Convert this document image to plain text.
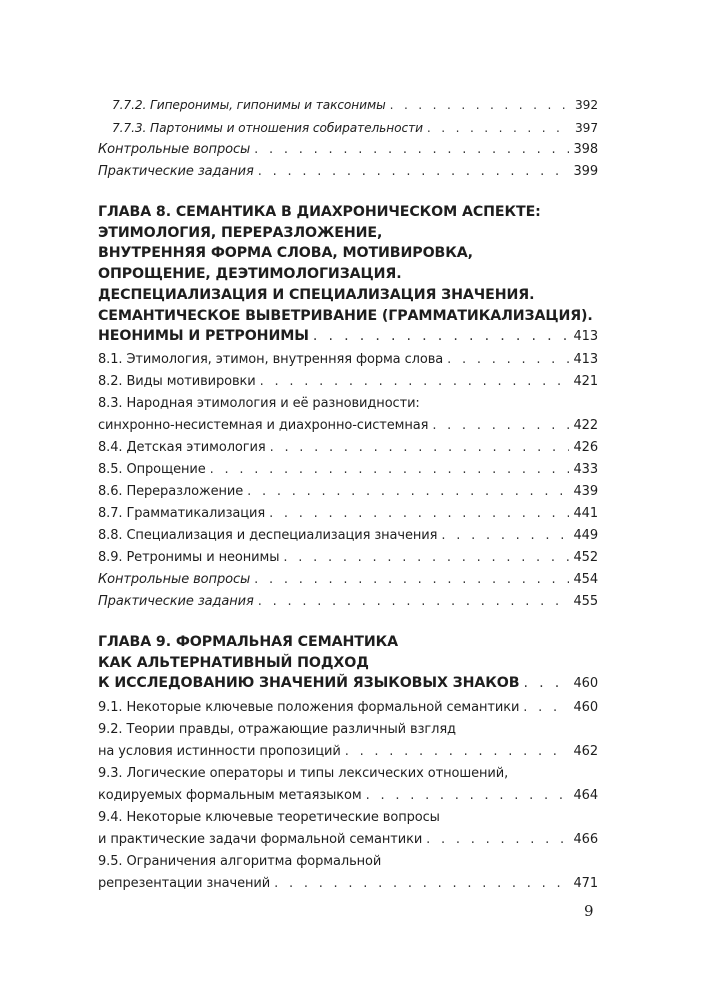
7.7.2. Гиперонимы, гипонимы и таксонимы . . .	392
7.7.3. Партонимы и отношения собирательности . . .	397
Контрольные вопросы . . .	398
Практические задания . . .	399
ГЛАВА 8. СЕМАНТИКА В ДИАХРОНИЧЕСКОМ АСПЕКТЕ:
ЭТИМОЛОГИЯ, ПЕРЕРАЗЛОЖЕНИЕ,
ВНУТРЕННЯЯ ФОРМА СЛОВА, МОТИВИРОВКА,
ОПРОЩЕНИЕ, ДЕЭТИМОЛОГИЗАЦИЯ.
ДЕСПЕЦИАЛИЗАЦИЯ И СПЕЦИАЛИЗАЦИЯ ЗНАЧЕНИЯ.
СЕМАНТИЧЕСКОЕ ВЫВЕТРИВАНИЕ (ГРАММАТИКАЛИЗАЦИЯ).
НЕОНИМЫ И РЕТРОНИМЫ . . .	413
8.1. Этимология, этимон, внутренняя форма слова . . .	413
8.2. Виды мотивировки . . .	421
8.3. Народная этимология и её разновидности:
синхронно-несистемная и диахронно-системная . . .	422
8.4. Детская этимология . . .	426
8.5. Опрощение . . .	433
8.6. Переразложение . . .	439
8.7. Грамматикализация . . .	441
8.8. Специализация и деспециализация значения . . .	449
8.9. Ретронимы и неонимы . . .	452
Контрольные вопросы . . .	454
Практические задания . . .	455
ГЛАВА 9. ФОРМАЛЬНАЯ СЕМАНТИКА
КАК АЛЬТЕРНАТИВНЫЙ ПОДХОД
К ИССЛЕДОВАНИЮ ЗНАЧЕНИЙ ЯЗЫКОВЫХ ЗНАКОВ . . .	460
9.1. Некоторые ключевые положения формальной семантики . . .	460
9.2. Теории правды, отражающие различный взгляд
на условия истинности пропозиций . . .	462
9.3. Логические операторы и типы лексических отношений,
кодируемых формальным метаязыком . . .	464
9.4. Некоторые ключевые теоретические вопросы
и практические задачи формальной семантики . . .	466
9.5. Ограничения алгоритма формальной
репрезентации значений . . .	471
9
